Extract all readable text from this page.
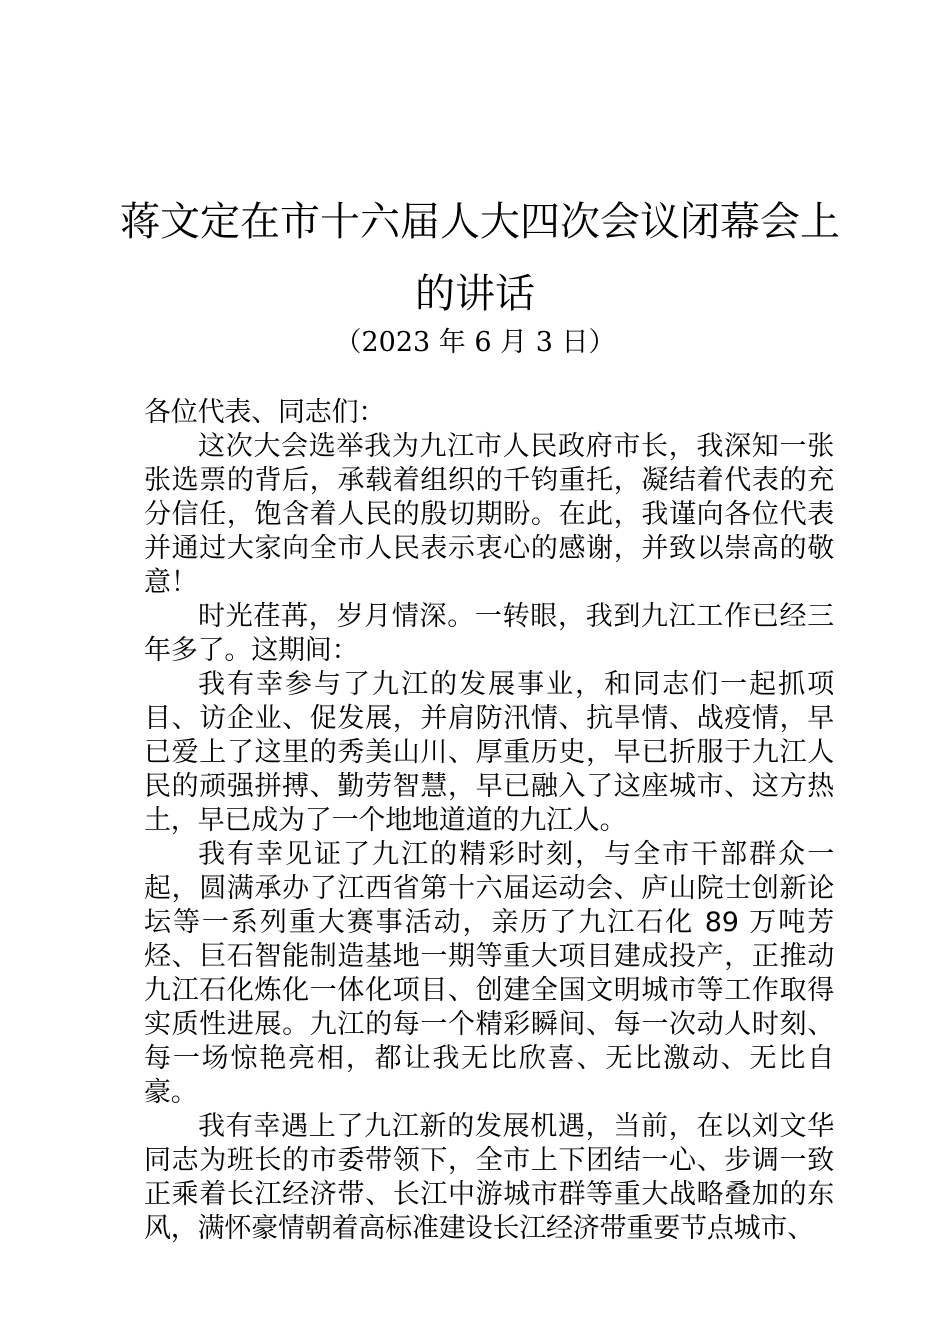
蒋文定在市十六届人大四次会议闭幕会上
的讲话
（2023 年 6 月 3 日）

各位代表、同志们：

这次大会选举我为九江市人民政府市长，我深知一张张选票的背后，承载着组织的千钧重托，凝结着代表的充分信任，饱含着人民的殷切期盼。在此，我谨向各位代表并通过大家向全市人民表示衷心的感谢，并致以崇高的敬意！

时光荏苒，岁月情深。一转眼，我到九江工作已经三年多了。这期间：

我有幸参与了九江的发展事业，和同志们一起抓项目、访企业、促发展，并肩防汛情、抗旱情、战疫情，早已爱上了这里的秀美山川、厚重历史，早已折服于九江人民的顽强拼搏、勤劳智慧，早已融入了这座城市、这方热土，早已成为了一个地地道道的九江人。

我有幸见证了九江的精彩时刻，与全市干部群众一起，圆满承办了江西省第十六届运动会、庐山院士创新论坛等一系列重大赛事活动，亲历了九江石化 89 万吨芳烃、巨石智能制造基地一期等重大项目建成投产，正推动九江石化炼化一体化项目、创建全国文明城市等工作取得实质性进展。九江的每一个精彩瞬间、每一次动人时刻、每一场惊艳亮相，都让我无比欣喜、无比激动、无比自豪。

我有幸遇上了九江新的发展机遇，当前，在以刘文华同志为班长的市委带领下，全市上下团结一心、步调一致正乘着长江经济带、长江中游城市群等重大战略叠加的东风，满怀豪情朝着高标准建设长江经济带重要节点城市、
